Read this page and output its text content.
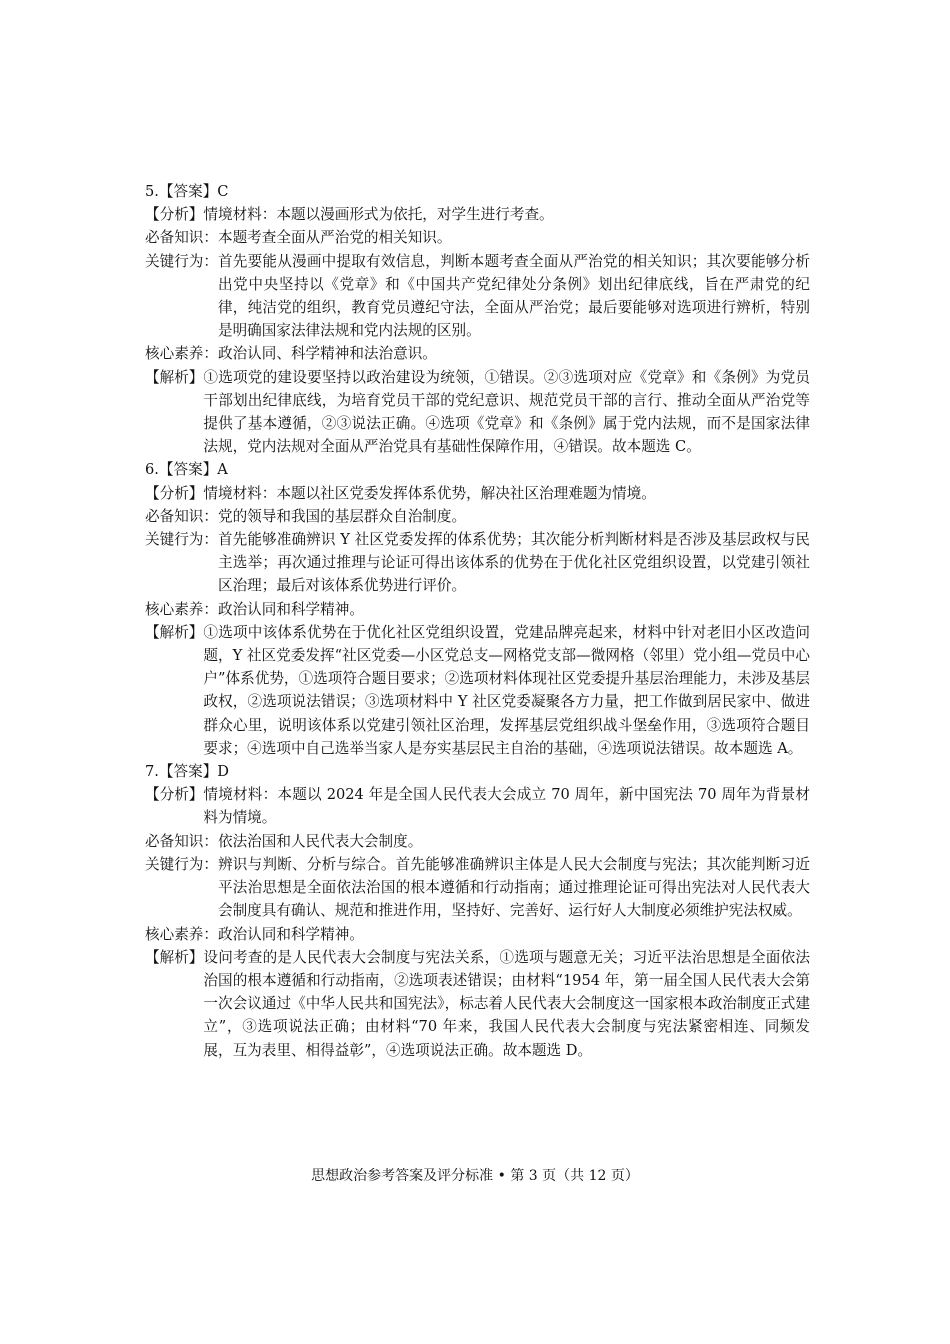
5.【答案】C

【分析】 情境材料：本题以漫画形式为依托，对学生进行考查。
必备知识： 本题考查全面从严治党的相关知识。
关键行为： 首先要能从漫画中提取有效信息，判断本题考查全面从严治党的相关知识；其次要能够分析出党中央坚持以《党章》和《中国共产党纪律处分条例》划出纪律底线，旨在严肃党的纪律，纯洁党的组织，教育党员遵纪守法，全面从严治党；最后要能够对选项进行辨析，特别是明确国家法律法规和党内法规的区别。
核心素养： 政治认同、科学精神和法治意识。
【解析】 ①选项党的建设要坚持以政治建设为统领，①错误。②③选项对应《党章》和《条例》为党员干部划出纪律底线，为培育党员干部的党纪意识、规范党员干部的言行、推动全面从严治党等提供了基本遵循，②③说法正确。④选项《党章》和《条例》属于党内法规，而不是国家法律法规，党内法规对全面从严治党具有基础性保障作用，④错误。故本题选 C。

6.【答案】A

【分析】 情境材料：本题以社区党委发挥体系优势，解决社区治理难题为情境。
必备知识： 党的领导和我国的基层群众自治制度。
关键行为： 首先能够准确辨识 Y 社区党委发挥的体系优势；其次能分析判断材料是否涉及基层政权与民主选举；再次通过推理与论证可得出该体系的优势在于优化社区党组织设置，以党建引领社区治理；最后对该体系优势进行评价。
核心素养： 政治认同和科学精神。
【解析】 ①选项中该体系优势在于优化社区党组织设置，党建品牌亮起来，材料中针对老旧小区改造问题，Y 社区党委发挥“社区党委—小区党总支—网格党支部—微网格（邻里）党小组—党员中心户”体系优势，①选项符合题目要求；②选项材料体现社区党委提升基层治理能力，未涉及基层政权，②选项说法错误；③选项材料中 Y 社区党委凝聚各方力量，把工作做到居民家中、做进群众心里，说明该体系以党建引领社区治理，发挥基层党组织战斗堡垒作用，③选项符合题目要求；④选项中自己选举当家人是夯实基层民主自治的基础，④选项说法错误。故本题选 A。

7.【答案】D

【分析】 情境材料：本题以 2024 年是全国人民代表大会成立 70 周年，新中国宪法 70 周年为背景材料为情境。
必备知识： 依法治国和人民代表大会制度。
关键行为： 辨识与判断、分析与综合。首先能够准确辨识主体是人民大会制度与宪法；其次能判断习近平法治思想是全面依法治国的根本遵循和行动指南；通过推理论证可得出宪法对人民代表大会制度具有确认、规范和推进作用，坚持好、完善好、运行好人大制度必须维护宪法权威。
核心素养： 政治认同和科学精神。
【解析】 设问考查的是人民代表大会制度与宪法关系，①选项与题意无关；习近平法治思想是全面依法治国的根本遵循和行动指南，②选项表述错误；由材料“1954 年，第一届全国人民代表大会第一次会议通过《中华人民共和国宪法》，标志着人民代表大会制度这一国家根本政治制度正式建立”，③选项说法正确；由材料“70 年来，我国人民代表大会制度与宪法紧密相连、同频发展，互为表里、相得益彰”，④选项说法正确。故本题选 D。
思想政治参考答案及评分标准 • 第 3 页（共 12 页）
